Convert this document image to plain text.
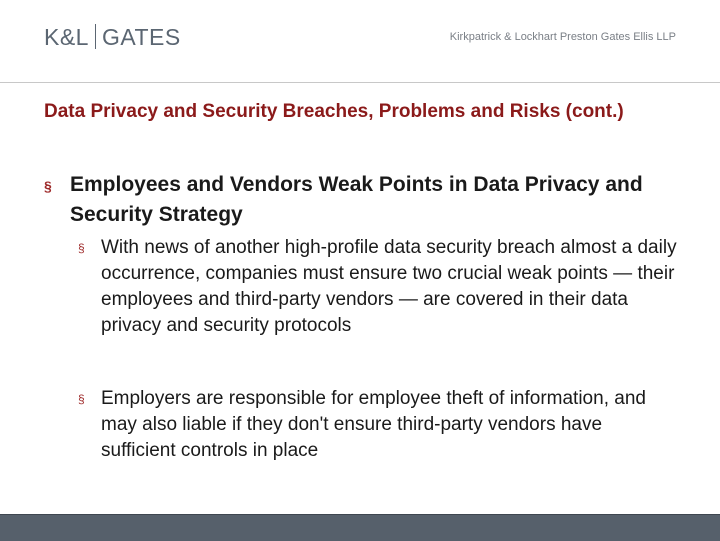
K&L GATES	Kirkpatrick & Lockhart Preston Gates Ellis LLP
Data Privacy and Security Breaches, Problems and Risks (cont.)
§ Employees and Vendors Weak Points in Data Privacy and Security Strategy
§ With news of another high-profile data security breach almost a daily occurrence, companies must ensure two crucial weak points — their employees and third-party vendors — are covered in their data privacy and security protocols
§ Employers are responsible for employee theft of information, and may also liable if they don't ensure third-party vendors have sufficient controls in place
